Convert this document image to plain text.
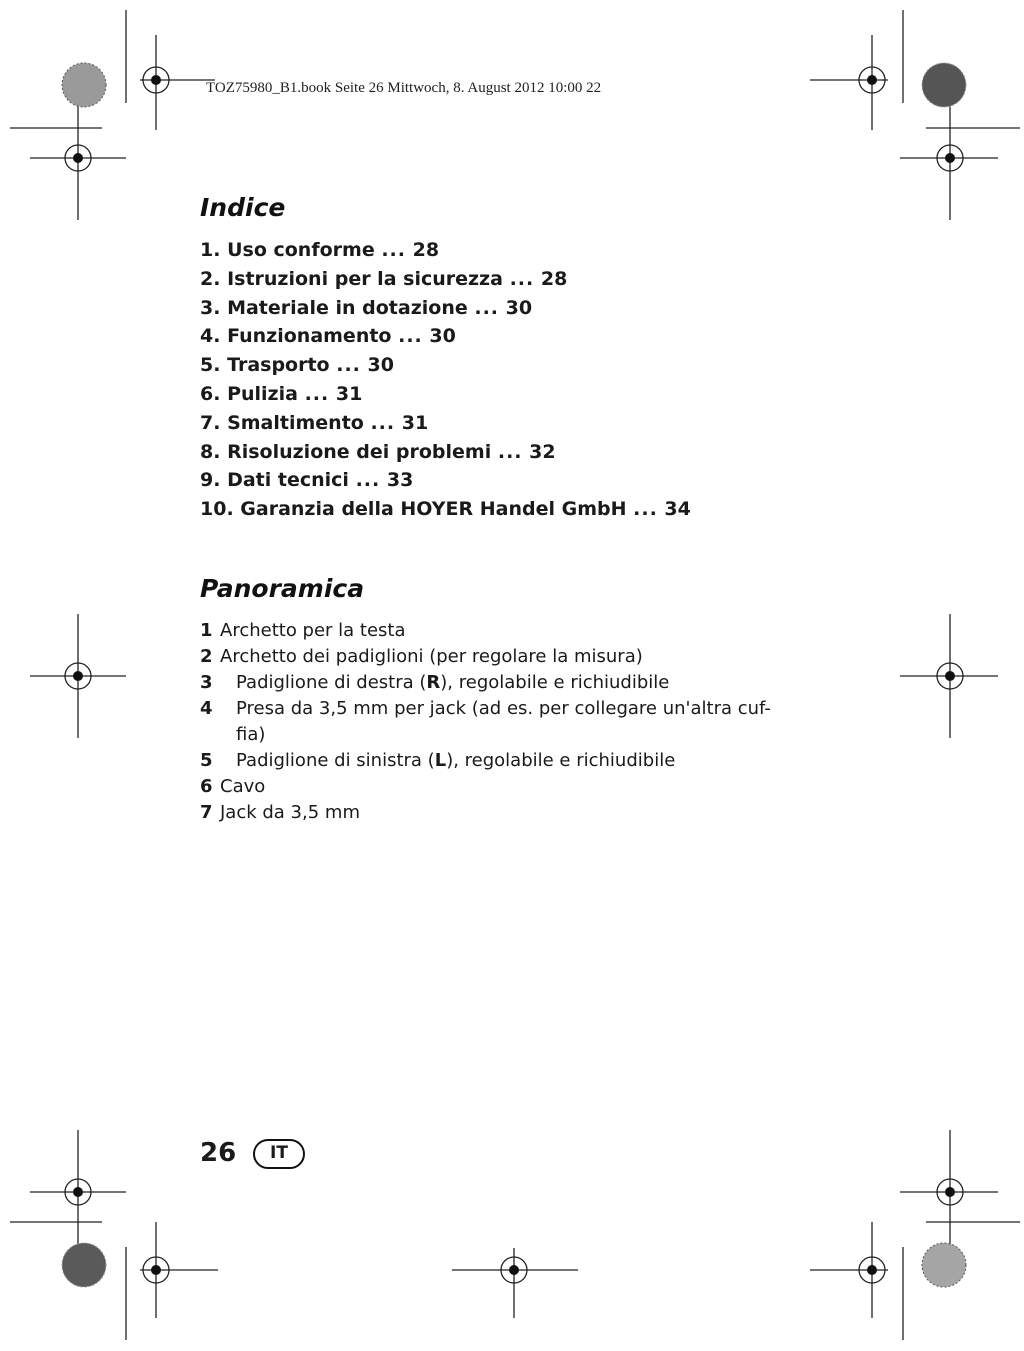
TOZ75980_B1.book Seite 26 Mittwoch, 8. August 2012 10:00 22
Indice
1. Uso conforme ... 28
2. Istruzioni per la sicurezza ... 28
3. Materiale in dotazione ... 30
4. Funzionamento ... 30
5. Trasporto ... 30
6. Pulizia ... 31
7. Smaltimento ... 31
8. Risoluzione dei problemi ... 32
9. Dati tecnici ... 33
10. Garanzia della HOYER Handel GmbH ... 34
Panoramica
1 Archetto per la testa
2 Archetto dei padiglioni (per regolare la misura)
3	Padiglione di destra (R), regolabile e richiudibile
4	Presa da 3,5 mm per jack (ad es. per collegare un'altra cuf-fia)
5	Padiglione di sinistra (L), regolabile e richiudibile
6 Cavo
7 Jack da 3,5 mm
26	IT
